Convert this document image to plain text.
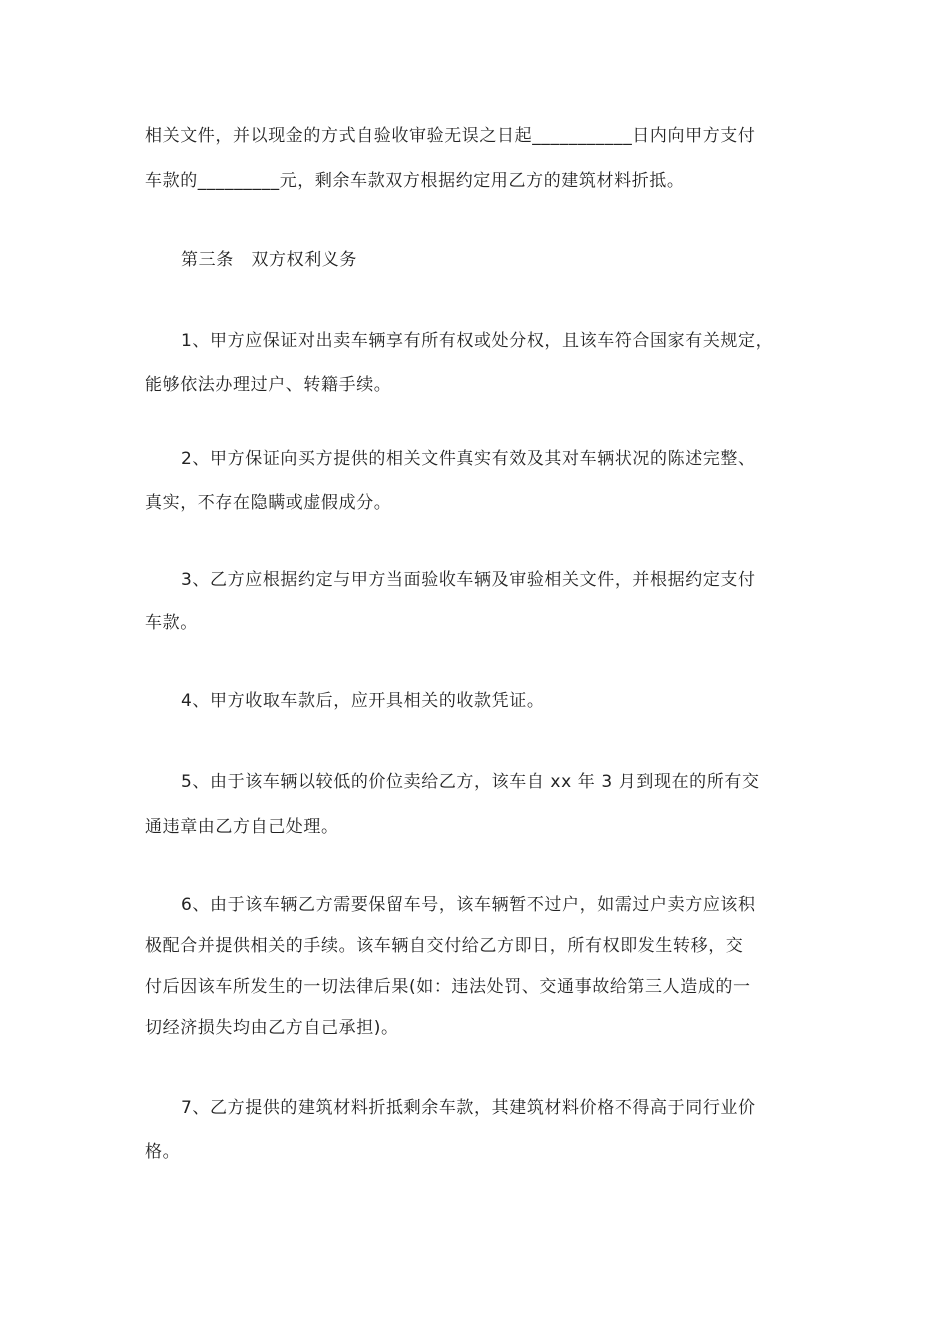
相关文件，并以现金的方式自验收审验无误之日起___________日内向甲方支付
车款的_________元，剩余车款双方根据约定用乙方的建筑材料折抵。
第三条　双方权利义务
1、甲方应保证对出卖车辆享有所有权或处分权，且该车符合国家有关规定，
能够依法办理过户、转籍手续。
2、甲方保证向买方提供的相关文件真实有效及其对车辆状况的陈述完整、
真实，不存在隐瞒或虚假成分。
3、乙方应根据约定与甲方当面验收车辆及审验相关文件，并根据约定支付
车款。
4、甲方收取车款后，应开具相关的收款凭证。
5、由于该车辆以较低的价位卖给乙方，该车自 xx 年 3 月到现在的所有交
通违章由乙方自己处理。
6、由于该车辆乙方需要保留车号，该车辆暂不过户，如需过户卖方应该积
极配合并提供相关的手续。该车辆自交付给乙方即日，所有权即发生转移，交
付后因该车所发生的一切法律后果(如：违法处罚、交通事故给第三人造成的一
切经济损失均由乙方自己承担)。
7、乙方提供的建筑材料折抵剩余车款，其建筑材料价格不得高于同行业价
格。
